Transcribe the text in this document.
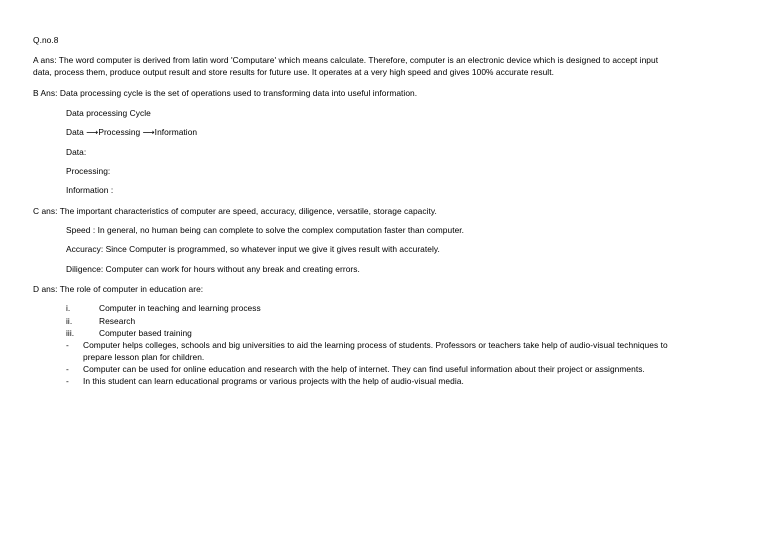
Q.no.8
A ans: The word computer is derived from latin word 'Computare' which means calculate. Therefore, computer is an electronic device which is designed to accept input
data, process them, produce output result and store results for future use. It operates at a very high speed and gives 100% accurate result.
B Ans: Data processing cycle is the set of operations used to transforming data into useful information.
Data processing Cycle
Data ⟶Processing ⟶Information
Data:
Processing:
Information :
C ans: The important characteristics of computer are speed, accuracy, diligence, versatile, storage capacity.
Speed : In general, no human being can complete to solve the complex computation faster than computer.
Accuracy: Since Computer is programmed, so whatever input we give it gives result with accurately.
Diligence: Computer can work for hours without any break and creating errors.
D ans: The role of computer in education are:
i.	Computer in teaching and learning process
ii.	Research
iii.	Computer based training
- Computer helps colleges, schools and big universities to aid the learning process of students. Professors or teachers take help of audio-visual techniques to
prepare lesson plan for children.
- Computer can be used for online education and research with the help of internet. They can find useful information about their project or assignments.
- In this student can learn educational programs or various projects with the help of audio-visual media.
